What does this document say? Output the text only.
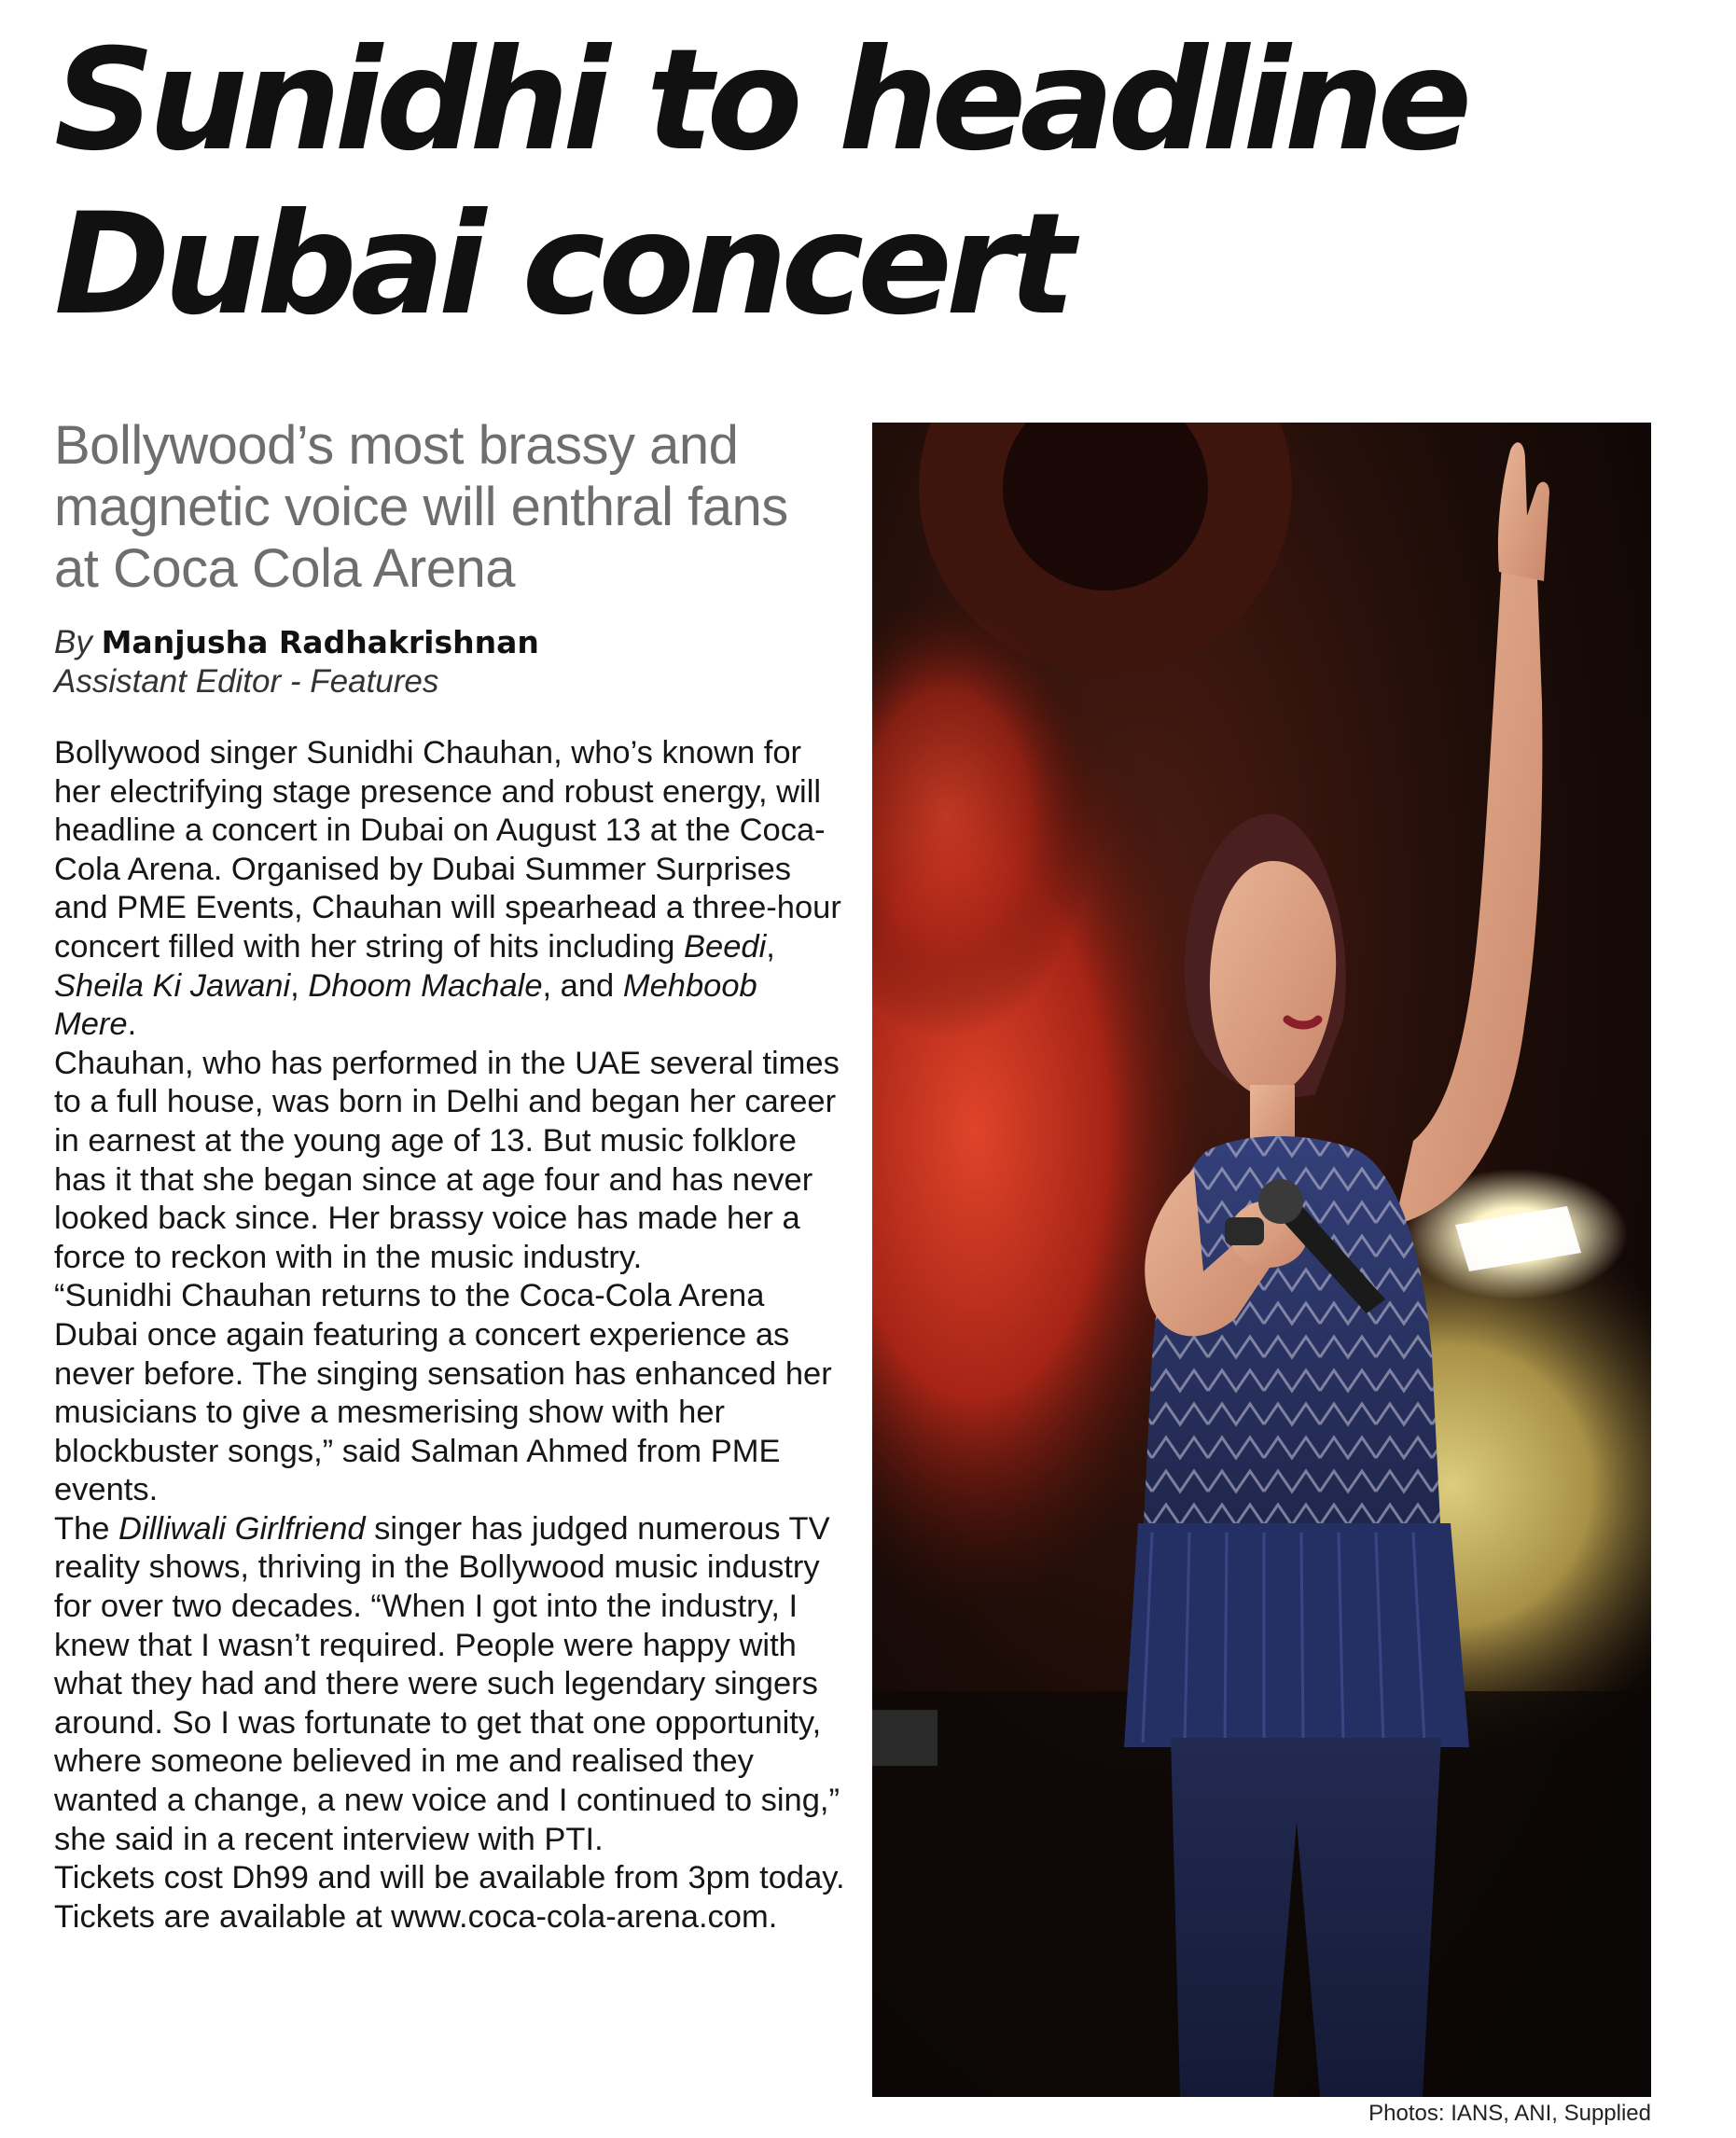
Sunidhi to headline
Dubai concert
Bollywood’s most brassy and magnetic voice will enthral fans at Coca Cola Arena
By Manjusha Radhakrishnan
Assistant Editor - Features

Bollywood singer Sunidhi Chauhan, who’s known for her electrifying stage presence and robust energy, will headline a concert in Dubai on August 13 at the Coca-Cola Arena. Organised by Dubai Summer Surprises and PME Events, Chauhan will spearhead a three-hour concert filled with her string of hits including Beedi, Sheila Ki Jawani, Dhoom Machale, and Mehboob Mere.

Chauhan, who has performed in the UAE several times to a full house, was born in Delhi and began her career in earnest at the young age of 13. But music folklore has it that she began since at age four and has never looked back since. Her brassy voice has made her a force to reckon with in the music industry.

“Sunidhi Chauhan returns to the Coca-Cola Arena Dubai once again featuring a concert experience as never before. The singing sensation has enhanced her musicians to give a mesmerising show with her blockbuster songs,” said Salman Ahmed from PME events.

The Dilliwali Girlfriend singer has judged numerous TV reality shows, thriving in the Bollywood music industry for over two decades. “When I got into the industry, I knew that I wasn’t required. People were happy with what they had and there were such legendary singers around. So I was fortunate to get that one opportunity, where someone believed in me and realised they wanted a change, a new voice and I continued to sing,” she said in a recent interview with PTI.

Tickets cost Dh99 and will be available from 3pm today. Tickets are available at www.coca-cola-arena.com.

Photos: IANS, ANI, Supplied
